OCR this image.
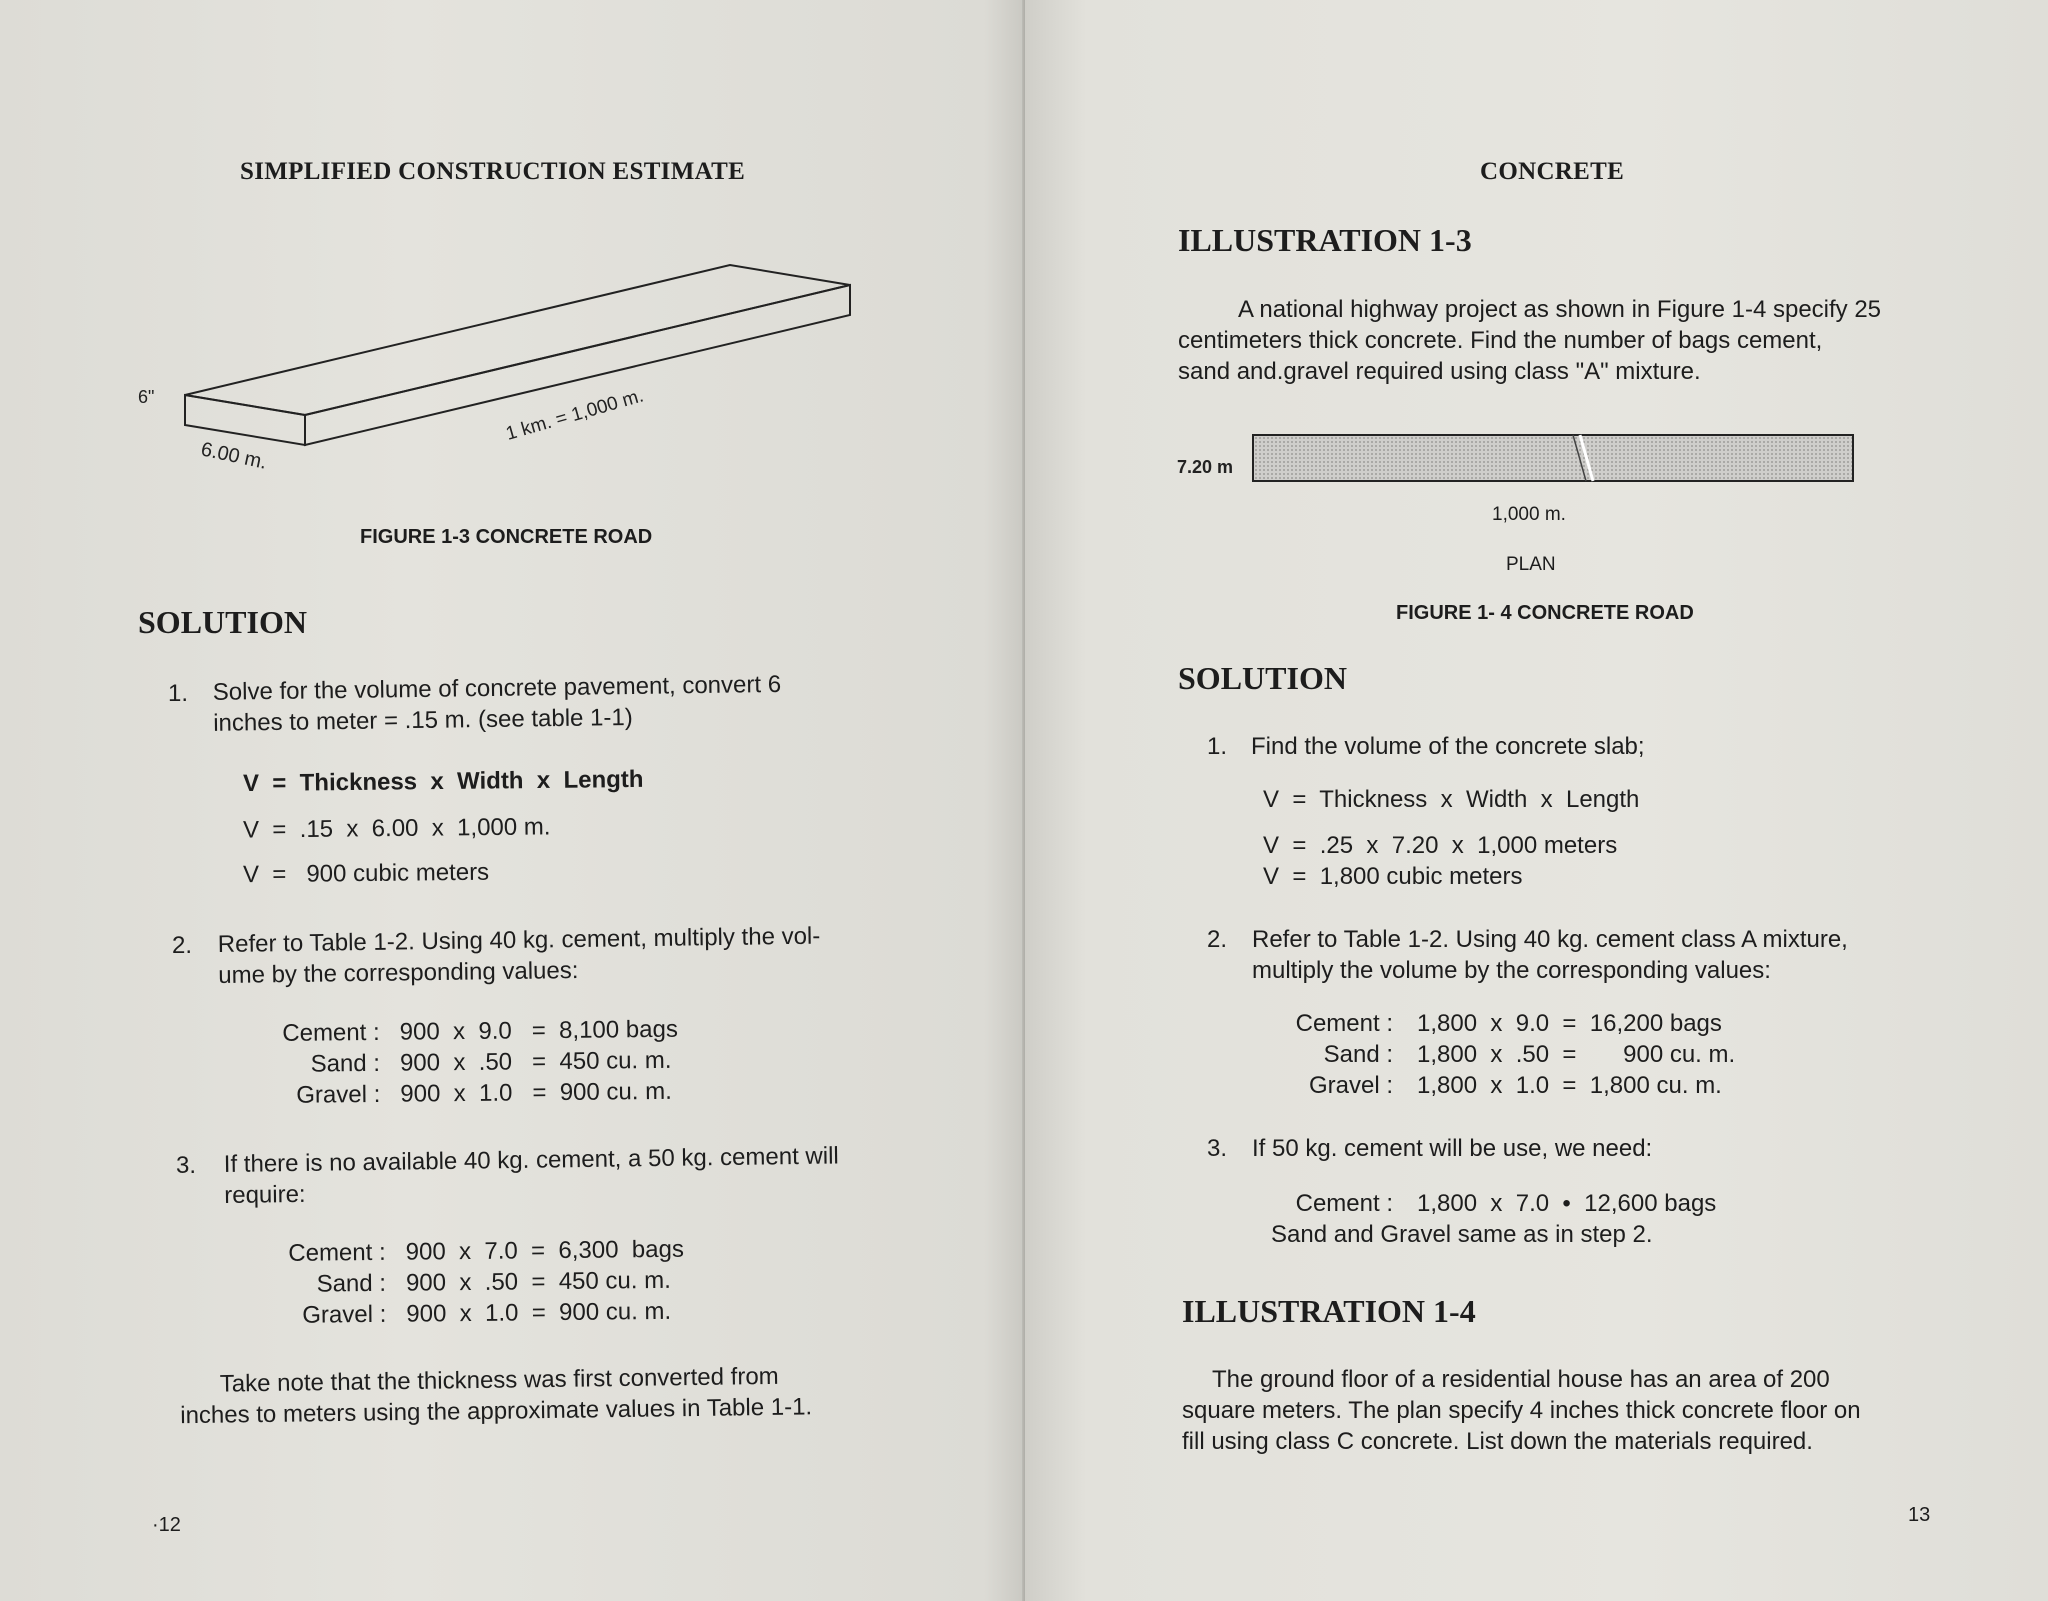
SIMPLIFIED CONSTRUCTION ESTIMATE
6"
6.00 m.
1 km. = 1,000 m.
FIGURE 1-3 CONCRETE ROAD
SOLUTION
1. Solve for the volume of concrete pavement, convert 6
inches to meter = .15 m. (see table 1-1)
V  =  Thickness  x  Width  x  Length
V  =  .15  x  6.00  x  1,000 m.
V  =   900 cubic meters
2. Refer to Table 1-2. Using 40 kg. cement, multiply the vol-
ume by the corresponding values:
Cement : 900  x  9.0   =  8,100 bags
Sand : 900  x  .50   =  450 cu. m.
Gravel : 900  x  1.0   =  900 cu. m.
3. If there is no available 40 kg. cement, a 50 kg. cement will
require:
Cement : 900  x  7.0  =  6,300  bags
Sand : 900  x  .50  =  450 cu. m.
Gravel : 900  x  1.0  =  900 cu. m.
Take note that the thickness was first converted from
inches to meters using the approximate values in Table 1-1.
·12
CONCRETE
ILLUSTRATION 1-3
A national highway project as shown in Figure 1-4 specify 25
centimeters thick concrete. Find the number of bags cement,
sand and.gravel required using class "A" mixture.
7.20 m
1,000 m.
PLAN
FIGURE 1- 4 CONCRETE ROAD
SOLUTION
1. Find the volume of the concrete slab;
V  =  Thickness  x  Width  x  Length
V  =  .25  x  7.20  x  1,000 meters
V  =  1,800 cubic meters
2. Refer to Table 1-2. Using 40 kg. cement class A mixture,
multiply the volume by the corresponding values:
Cement :	1,800  x  9.0  =  16,200 bags
Sand :	1,800  x  .50  =       900 cu. m.
Gravel :	1,800  x  1.0  =  1,800 cu. m.
3. If 50 kg. cement will be use, we need:
Cement :	1,800  x  7.0  •  12,600 bags
Sand and Gravel same as in step 2.
ILLUSTRATION 1-4
The ground floor of a residential house has an area of 200
square meters. The plan specify 4 inches thick concrete floor on
fill using class C concrete. List down the materials required.
13
